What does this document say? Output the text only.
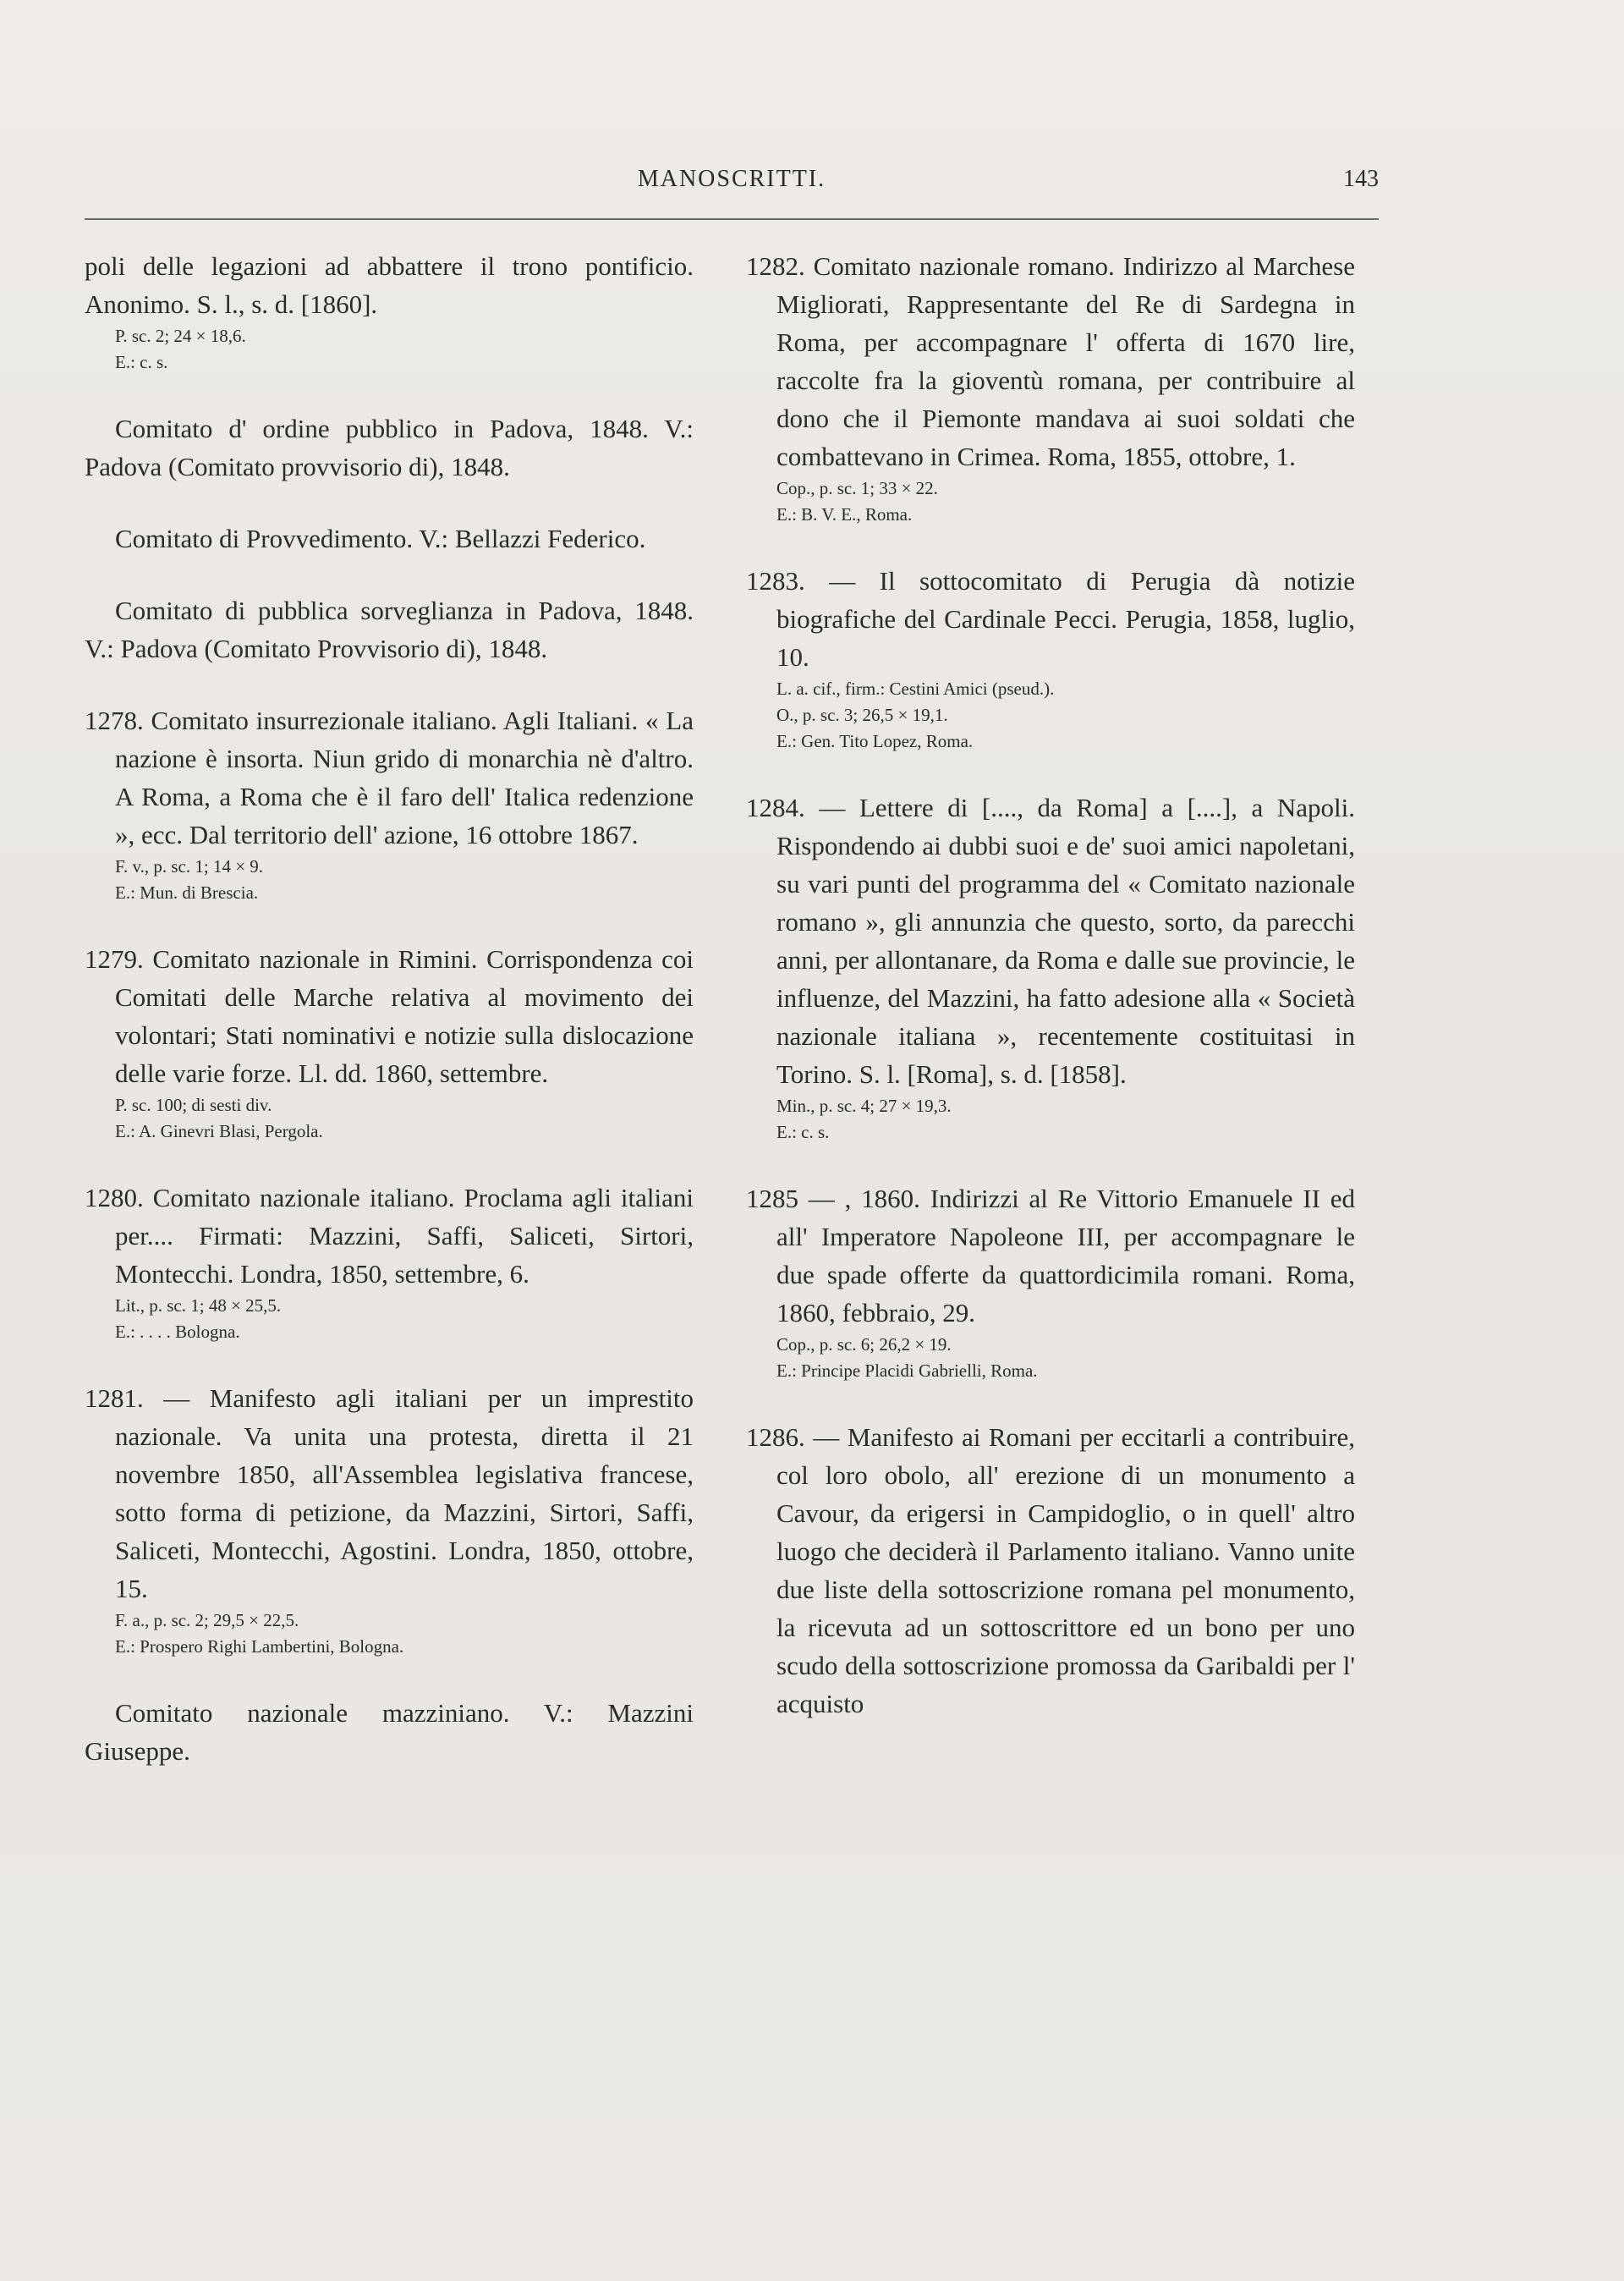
MANOSCRITTI.	143

poli delle legazioni ad abbattere il trono pontificio. Anonimo. S. l., s. d. [1860].

P. sc. 2; 24 × 18,6.

E.: c. s.

Comitato d' ordine pubblico in Padova, 1848. V.: Padova (Comitato provvisorio di), 1848.

Comitato di Provvedimento. V.: Bellazzi Federico.

Comitato di pubblica sorveglianza in Padova, 1848. V.: Padova (Comitato Provvisorio di), 1848.

1278. Comitato insurrezionale italiano. Agli Italiani. « La nazione è insorta. Niun grido di monarchia nè d'altro. A Roma, a Roma che è il faro dell' Italica redenzione », ecc. Dal territorio dell' azione, 16 ottobre 1867.

F. v., p. sc. 1; 14 × 9.

E.: Mun. di Brescia.

1279. Comitato nazionale in Rimini. Corrispondenza coi Comitati delle Marche relativa al movimento dei volontari; Stati nominativi e notizie sulla dislocazione delle varie forze. Ll. dd. 1860, settembre.

P. sc. 100; di sesti div.

E.: A. Ginevri Blasi, Pergola.

1280. Comitato nazionale italiano. Proclama agli italiani per.... Firmati: Mazzini, Saffi, Saliceti, Sirtori, Montecchi. Londra, 1850, settembre, 6.

Lit., p. sc. 1; 48 × 25,5.

E.: . . . . Bologna.

1281. — Manifesto agli italiani per un imprestito nazionale. Va unita una protesta, diretta il 21 novembre 1850, all'Assemblea legislativa francese, sotto forma di petizione, da Mazzini, Sirtori, Saffi, Saliceti, Montecchi, Agostini. Londra, 1850, ottobre, 15.

F. a., p. sc. 2; 29,5 × 22,5.

E.: Prospero Righi Lambertini, Bologna.

Comitato nazionale mazziniano. V.: Mazzini Giuseppe.

1282. Comitato nazionale romano. Indirizzo al Marchese Migliorati, Rappresentante del Re di Sardegna in Roma, per accompagnare l' offerta di 1670 lire, raccolte fra la gioventù romana, per contribuire al dono che il Piemonte mandava ai suoi soldati che combattevano in Crimea. Roma, 1855, ottobre, 1.

Cop., p. sc. 1; 33 × 22.

E.: B. V. E., Roma.

1283. — Il sottocomitato di Perugia dà notizie biografiche del Cardinale Pecci. Perugia, 1858, luglio, 10.

L. a. cif., firm.: Cestini Amici (pseud.).

O., p. sc. 3; 26,5 × 19,1.

E.: Gen. Tito Lopez, Roma.

1284. — Lettere di [...., da Roma] a [....], a Napoli. Rispondendo ai dubbi suoi e de' suoi amici napoletani, su vari punti del programma del « Comitato nazionale romano », gli annunzia che questo, sorto, da parecchi anni, per allontanare, da Roma e dalle sue provincie, le influenze, del Mazzini, ha fatto adesione alla « Società nazionale italiana », recentemente costituitasi in Torino. S. l. [Roma], s. d. [1858].

Min., p. sc. 4; 27 × 19,3.

E.: c. s.

1285 — , 1860. Indirizzi al Re Vittorio Emanuele II ed all' Imperatore Napoleone III, per accompagnare le due spade offerte da quattordicimila romani. Roma, 1860, febbraio, 29.

Cop., p. sc. 6; 26,2 × 19.

E.: Principe Placidi Gabrielli, Roma.

1286. — Manifesto ai Romani per eccitarli a contribuire, col loro obolo, all' erezione di un monumento a Cavour, da erigersi in Campidoglio, o in quell' altro luogo che deciderà il Parlamento italiano. Vanno unite due liste della sottoscrizione romana pel monumento, la ricevuta ad un sottoscrittore ed un bono per uno scudo della sottoscrizione promossa da Garibaldi per l' acquisto
